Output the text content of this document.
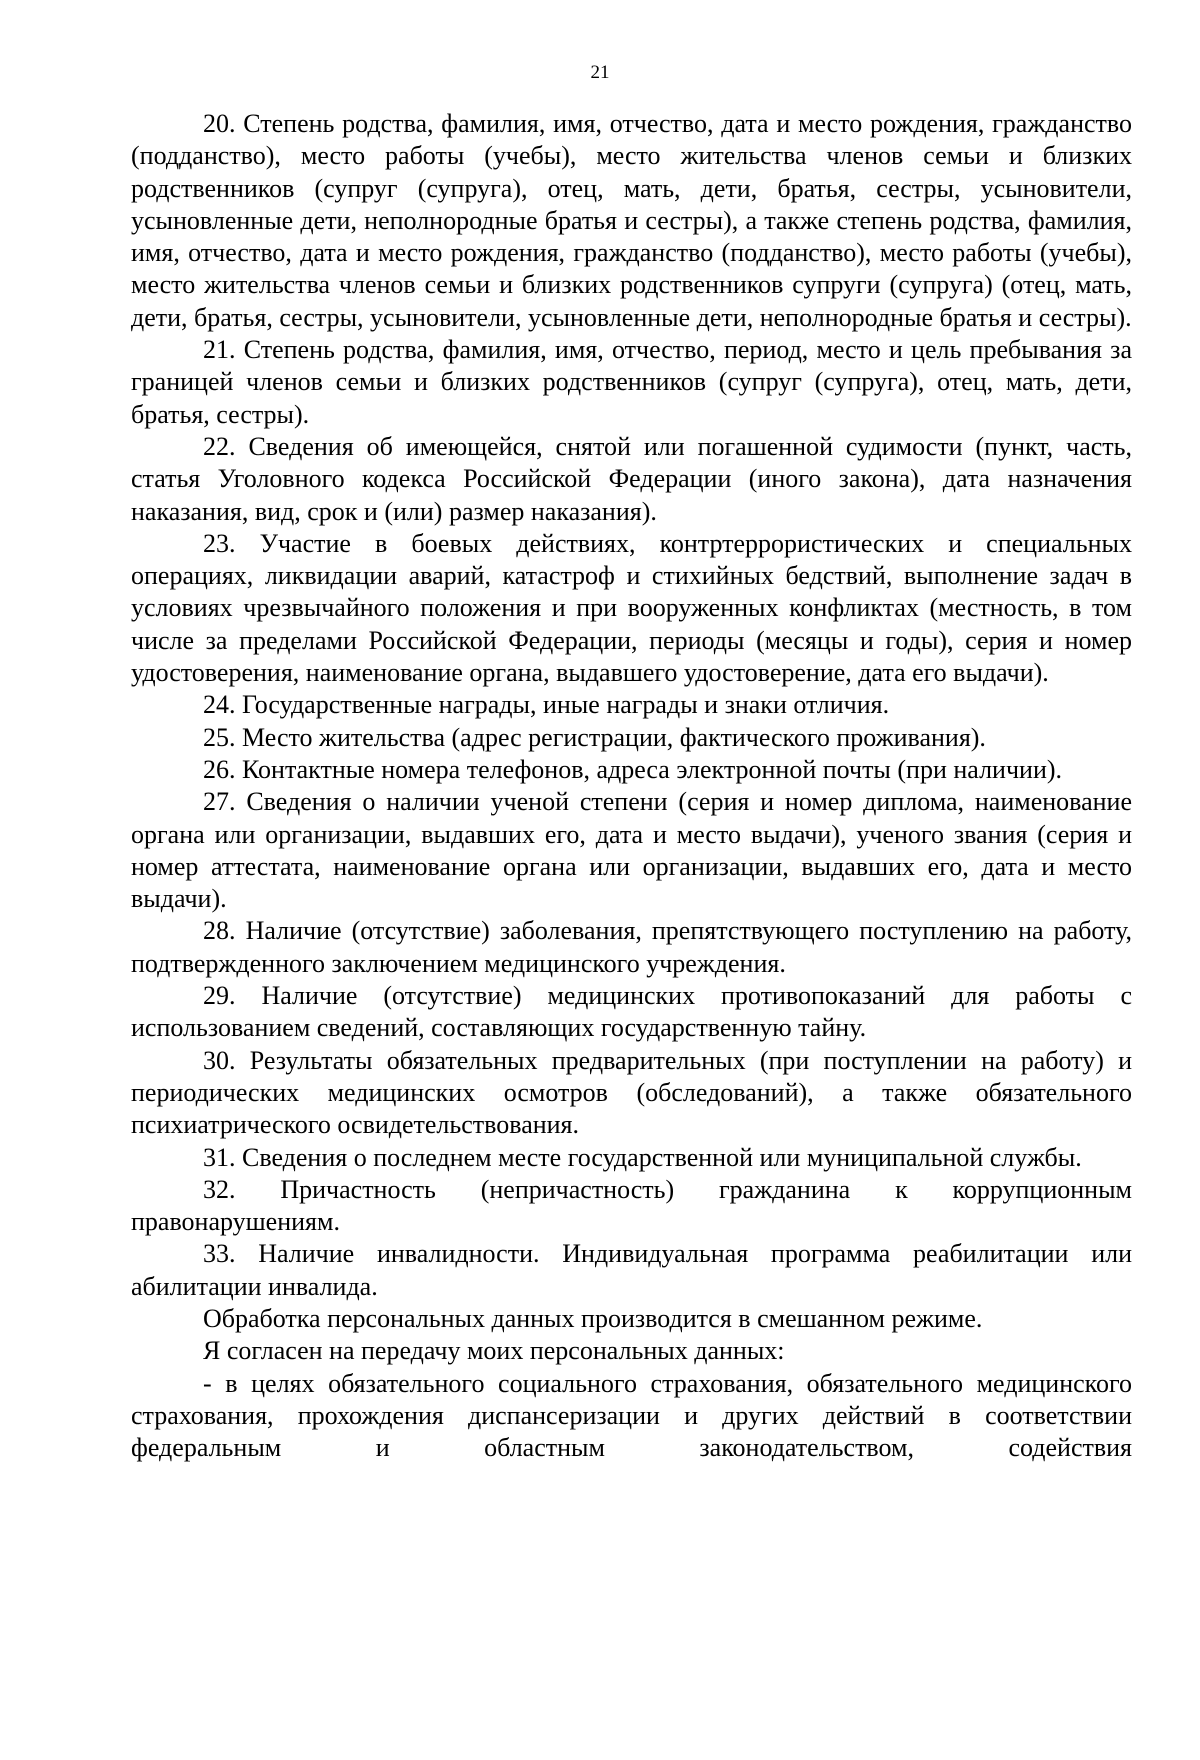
21

20. Степень родства, фамилия, имя, отчество, дата и место рождения, гражданство (подданство), место работы (учебы), место жительства членов семьи и близких родственников (супруг (супруга), отец, мать, дети, братья, сестры, усыновители, усыновленные дети, неполнородные братья и сестры), а также степень родства, фамилия, имя, отчество, дата и место рождения, гражданство (подданство), место работы (учебы), место жительства членов семьи и близких родственников супруги (супруга) (отец, мать, дети, братья, сестры, усыновители, усыновленные дети, неполнородные братья и сестры).

21. Степень родства, фамилия, имя, отчество, период, место и цель пребывания за границей членов семьи и близких родственников (супруг (супруга), отец, мать, дети, братья, сестры).

22. Сведения об имеющейся, снятой или погашенной судимости (пункт, часть, статья Уголовного кодекса Российской Федерации (иного закона), дата назначения наказания, вид, срок и (или) размер наказания).

23. Участие в боевых действиях, контртеррористических и специальных операциях, ликвидации аварий, катастроф и стихийных бедствий, выполнение задач в условиях чрезвычайного положения и при вооруженных конфликтах (местность, в том числе за пределами Российской Федерации, периоды (месяцы и годы), серия и номер удостоверения, наименование органа, выдавшего удостоверение, дата его выдачи).

24. Государственные награды, иные награды и знаки отличия.

25. Место жительства (адрес регистрации, фактического проживания).

26. Контактные номера телефонов, адреса электронной почты (при наличии).

27. Сведения о наличии ученой степени (серия и номер диплома, наименование органа или организации, выдавших его, дата и место выдачи), ученого звания (серия и номер аттестата, наименование органа или организации, выдавших его, дата и место выдачи).

28. Наличие (отсутствие) заболевания, препятствующего поступлению на работу, подтвержденного заключением медицинского учреждения.

29. Наличие (отсутствие) медицинских противопоказаний для работы с использованием сведений, составляющих государственную тайну.

30. Результаты обязательных предварительных (при поступлении на работу) и периодических медицинских осмотров (обследований), а также обязательного психиатрического освидетельствования.

31. Сведения о последнем месте государственной или муниципальной службы.

32. Причастность (непричастность) гражданина к коррупционным правонарушениям.

33. Наличие инвалидности. Индивидуальная программа реабилитации или абилитации инвалида.

Обработка персональных данных производится в смешанном режиме.

Я согласен на передачу моих персональных данных:

- в целях обязательного социального страхования, обязательного медицинского страхования, прохождения диспансеризации и других действий в соответствии федеральным и областным законодательством, содействия
